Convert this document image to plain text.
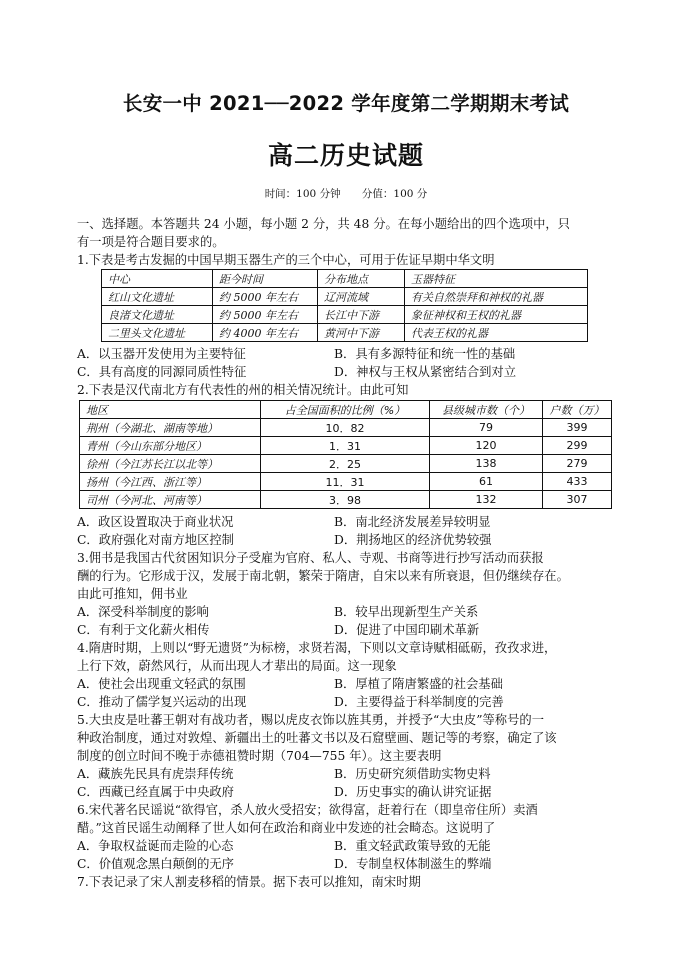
长安一中 2021──2022 学年度第二学期期末考试
高二历史试题
时间：100 分钟 分值：100 分
一、选择题。本答题共 24 小题，每小题 2 分，共 48 分。在每小题给出的四个选项中，只
有一项是符合题目要求的。
1.下表是考古发掘的中国早期玉器生产的三个中心，可用于佐证早期中华文明
中心	距今时间	分布地点	玉器特征
红山文化遗址	约 5000 年左右	辽河流域	有关自然崇拜和神权的礼器
良渚文化遗址	约 5000 年左右	长江中下游	象征神权和王权的礼器
二里头文化遗址	约 4000 年左右	黄河中下游	代表王权的礼器
A．以玉器开发使用为主要特征	B．具有多源特征和统一性的基础
C．具有高度的同源同质性特征	D．神权与王权从紧密结合到对立
2.下表是汉代南北方有代表性的州的相关情况统计。由此可知
地区	占全国面积的比例（%）	县级城市数（个）	户数（万）
荆州（今湖北、湖南等地）	10．82	79	399
青州（今山东部分地区）	1．31	120	299
徐州（今江苏长江以北等）	2．25	138	279
扬州（今江西、浙江等）	11．31	61	433
司州（今河北、河南等）	3．98	132	307
A．政区设置取决于商业状况	B．南北经济发展差异较明显
C．政府强化对南方地区控制	D．荆扬地区的经济优势较强
3.佣书是我国古代贫困知识分子受雇为官府、私人、寺观、书商等进行抄写活动而获报
酬的行为。它形成于汉，发展于南北朝，繁荣于隋唐，自宋以来有所衰退，但仍继续存在。
由此可推知，佣书业
A．深受科举制度的影响	B．较早出现新型生产关系
C．有利于文化薪火相传	D．促进了中国印刷术革新
4.隋唐时期，上则以“野无遗贤”为标榜，求贤若渴，下则以文章诗赋相砥砺，孜孜求进，
上行下效，蔚然风行，从而出现人才辈出的局面。这一现象
A．使社会出现重文轻武的氛围	B．厚植了隋唐繁盛的社会基础
C．推动了儒学复兴运动的出现	D．主要得益于科举制度的完善
5.大虫皮是吐蕃王朝对有战功者，赐以虎皮衣饰以旌其勇，并授予“大虫皮”等称号的一
种政治制度，通过对敦煌、新疆出土的吐蕃文书以及石窟壁画、题记等的考察，确定了该
制度的创立时间不晚于赤德祖赞时期（704—755 年）。这主要表明
A．藏族先民具有虎崇拜传统	B．历史研究须借助实物史料
C．西藏已经直属于中央政府	D．历史事实的确认讲究证据
6.宋代著名民谣说“欲得官，杀人放火受招安；欲得富，赶着行在（即皇帝住所）卖酒
醋。”这首民谣生动阐释了世人如何在政治和商业中发迹的社会畸态。这说明了
A．争取权益诞而走险的心态	B．重文轻武政策导致的无能
C．价值观念黑白颠倒的无序	D．专制皇权体制滋生的弊端
7.下表记录了宋人割麦移稻的情景。据下表可以推知，南宋时期
